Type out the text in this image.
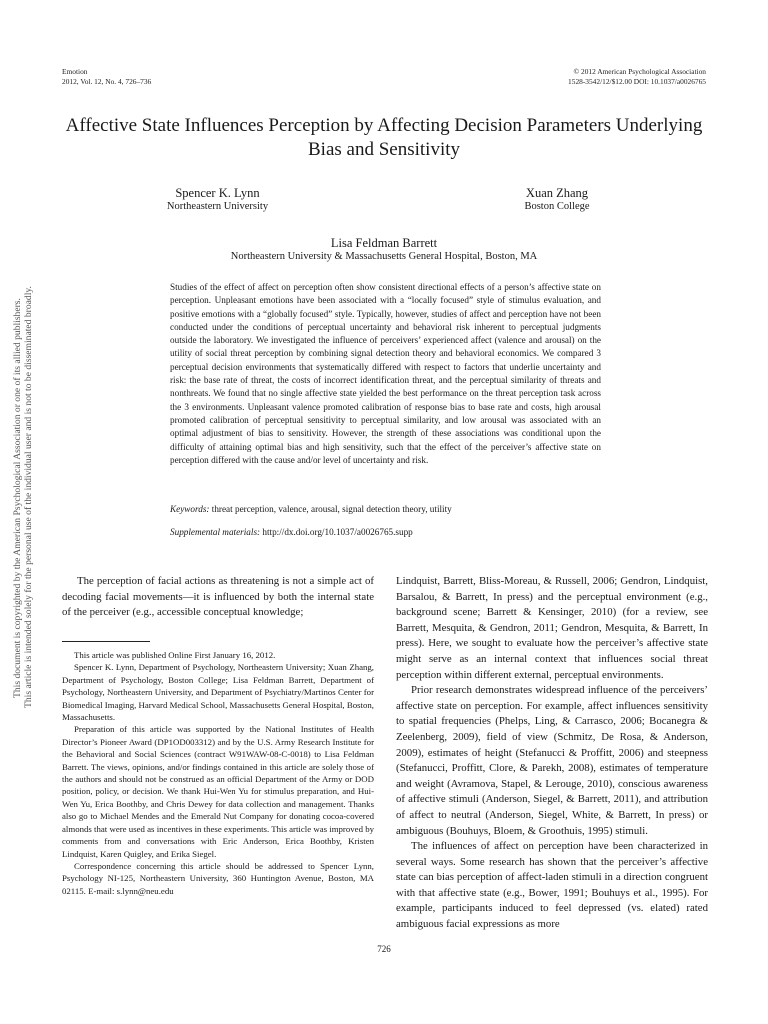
Emotion
2012, Vol. 12, No. 4, 726–736
© 2012 American Psychological Association
1528-3542/12/$12.00 DOI: 10.1037/a0026765
Affective State Influences Perception by Affecting Decision Parameters Underlying Bias and Sensitivity
Spencer K. Lynn
Northeastern University
Xuan Zhang
Boston College
Lisa Feldman Barrett
Northeastern University & Massachusetts General Hospital, Boston, MA
Studies of the effect of affect on perception often show consistent directional effects of a person’s affective state on perception. Unpleasant emotions have been associated with a “locally focused” style of stimulus evaluation, and positive emotions with a “globally focused” style. Typically, however, studies of affect and perception have not been conducted under the conditions of perceptual uncertainty and behavioral risk inherent to perceptual judgments outside the laboratory. We investigated the influence of perceivers’ experienced affect (valence and arousal) on the utility of social threat perception by combining signal detection theory and behavioral economics. We compared 3 perceptual decision environments that systematically differed with respect to factors that underlie uncertainty and risk: the base rate of threat, the costs of incorrect identification threat, and the perceptual similarity of threats and nonthreats. We found that no single affective state yielded the best performance on the threat perception task across the 3 environments. Unpleasant valence promoted calibration of response bias to base rate and costs, high arousal promoted calibration of perceptual sensitivity to perceptual similarity, and low arousal was associated with an optimal adjustment of bias to sensitivity. However, the strength of these associations was conditional upon the difficulty of attaining optimal bias and high sensitivity, such that the effect of the perceiver’s affective state on perception differed with the cause and/or level of uncertainty and risk.
Keywords: threat perception, valence, arousal, signal detection theory, utility
Supplemental materials: http://dx.doi.org/10.1037/a0026765.supp
This document is copyrighted by the American Psychological Association or one of its allied publishers. This article is intended solely for the personal use of the individual user and is not to be disseminated broadly.	The perception of facial actions as threatening is not a simple act of decoding facial movements—it is influenced by both the internal state of the perceiver (e.g., accessible conceptual knowledge;

This article was published Online First January 16, 2012.

Spencer K. Lynn, Department of Psychology, Northeastern University; Xuan Zhang, Department of Psychology, Boston College; Lisa Feldman Barrett, Department of Psychology, Northeastern University, and Department of Psychiatry/Martinos Center for Biomedical Imaging, Harvard Medical School, Massachusetts General Hospital, Boston, Massachusetts.

Preparation of this article was supported by the National Institutes of Health Director’s Pioneer Award (DP1OD003312) and by the U.S. Army Research Institute for the Behavioral and Social Sciences (contract W91WAW-08-C-0018) to Lisa Feldman Barrett. The views, opinions, and/or findings contained in this article are solely those of the authors and should not be construed as an official Department of the Army or DOD position, policy, or decision. We thank Hui-Wen Yu for stimulus preparation, and Hui-Wen Yu, Erica Boothby, and Chris Dewey for data collection and management. Thanks also go to Michael Mendes and the Emerald Nut Company for donating cocoa-covered almonds that were used as incentives in these experiments. This article was improved by comments from and conversations with Eric Anderson, Erica Boothby, Kristen Lindquist, Karen Quigley, and Erika Siegel.

Correspondence concerning this article should be addressed to Spencer Lynn, Psychology NI-125, Northeastern University, 360 Huntington Avenue, Boston, MA 02115. E-mail: s.lynn@neu.edu

Lindquist, Barrett, Bliss-Moreau, & Russell, 2006; Gendron, Lindquist, Barsalou, & Barrett, In press) and the perceptual environment (e.g., background scene; Barrett & Kensinger, 2010) (for a review, see Barrett, Mesquita, & Gendron, 2011; Gendron, Mesquita, & Barrett, In press). Here, we sought to evaluate how the perceiver’s affective state might serve as an internal context that influences social threat perception within different external, perceptual environments.

Prior research demonstrates widespread influence of the perceivers’ affective state on perception. For example, affect influences sensitivity to spatial frequencies (Phelps, Ling, & Carrasco, 2006; Bocanegra & Zeelenberg, 2009), field of view (Schmitz, De Rosa, & Anderson, 2009), estimates of height (Stefanucci & Proffitt, 2006) and steepness (Stefanucci, Proffitt, Clore, & Parekh, 2008), estimates of temperature and weight (Avramova, Stapel, & Lerouge, 2010), conscious awareness of affective stimuli (Anderson, Siegel, & Barrett, 2011), and attribution of affect to neutral (Anderson, Siegel, White, & Barrett, In press) or ambiguous (Bouhuys, Bloem, & Groothuis, 1995) stimuli.

The influences of affect on perception have been characterized in several ways. Some research has shown that the perceiver’s affective state can bias perception of affect-laden stimuli in a direction congruent with that affective state (e.g., Bower, 1991; Bouhuys et al., 1995). For example, participants induced to feel depressed (vs. elated) rated ambiguous facial expressions as more

726
